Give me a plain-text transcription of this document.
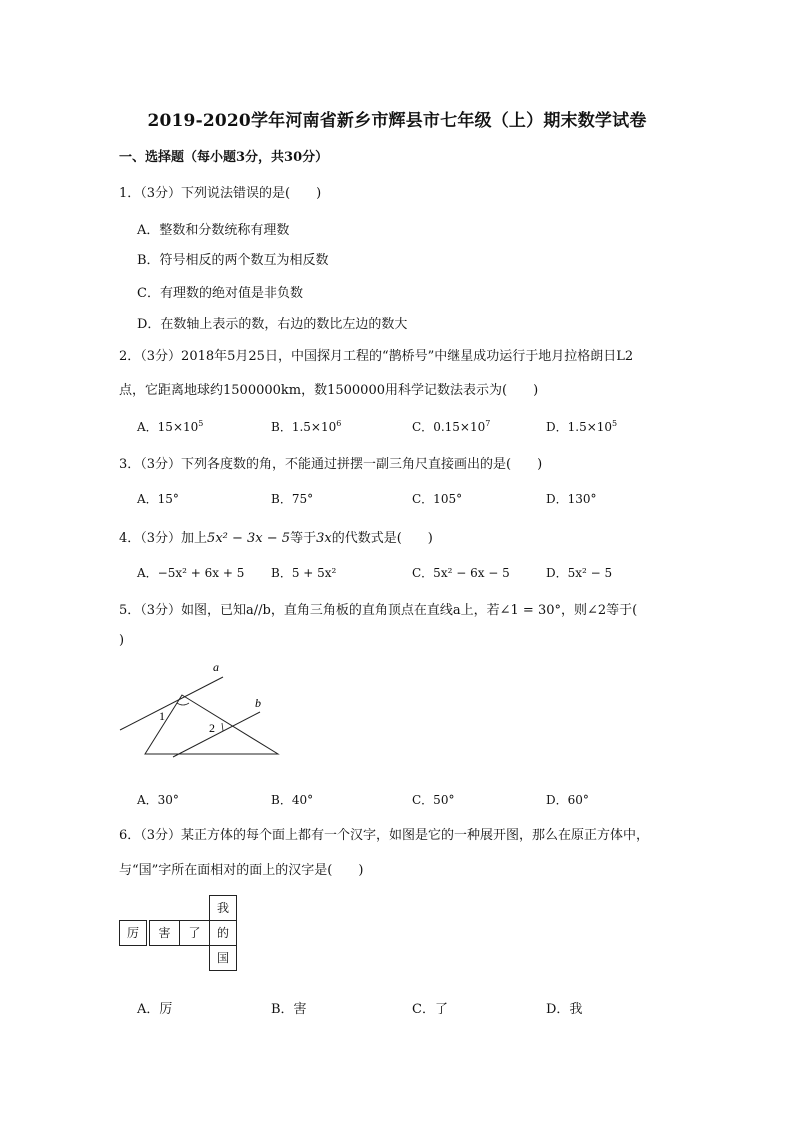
2019-2020学年河南省新乡市辉县市七年级（上）期末数学试卷
一、选择题（每小题3分，共30分）
1．（3分）下列说法错误的是(　　)
A．整数和分数统称有理数
B．符号相反的两个数互为相反数
C．有理数的绝对值是非负数
D．在数轴上表示的数，右边的数比左边的数大
2．（3分）2018年5月25日，中国探月工程的“鹊桥号”中继星成功运行于地月拉格朗日L2
点，它距离地球约1500000km，数1500000用科学记数法表示为(　　)
A．$15\times 10^5$	B．$1.5\times 10^6$	C．$0.15\times 10^7$	D．$1.5\times 10^5$
3．（3分）下列各度数的角，不能通过拼摆一副三角尺直接画出的是(　　)
A．15°	B．75°	C．105°	D．130°
4．（3分）加上5x² − 3x − 5等于3x的代数式是(　　)
A．−5x² + 6x + 5 B．5 + 5x²	C．5x² − 6x − 5	D．5x² − 5
5．（3分）如图，已知a//b，直角三角板的直角顶点在直线a上，若∠1 = 30°，则∠2等于(
)
a
b
1
2
A．30°	B．40°	C．50°	D．60°
6．（3分）某正方体的每个面上都有一个汉字，如图是它的一种展开图，那么在原正方体中，
与“国”字所在面相对的面上的汉字是(　　)
我
厉	害	了	的
国
A．厉	B．害	C．了	D．我
